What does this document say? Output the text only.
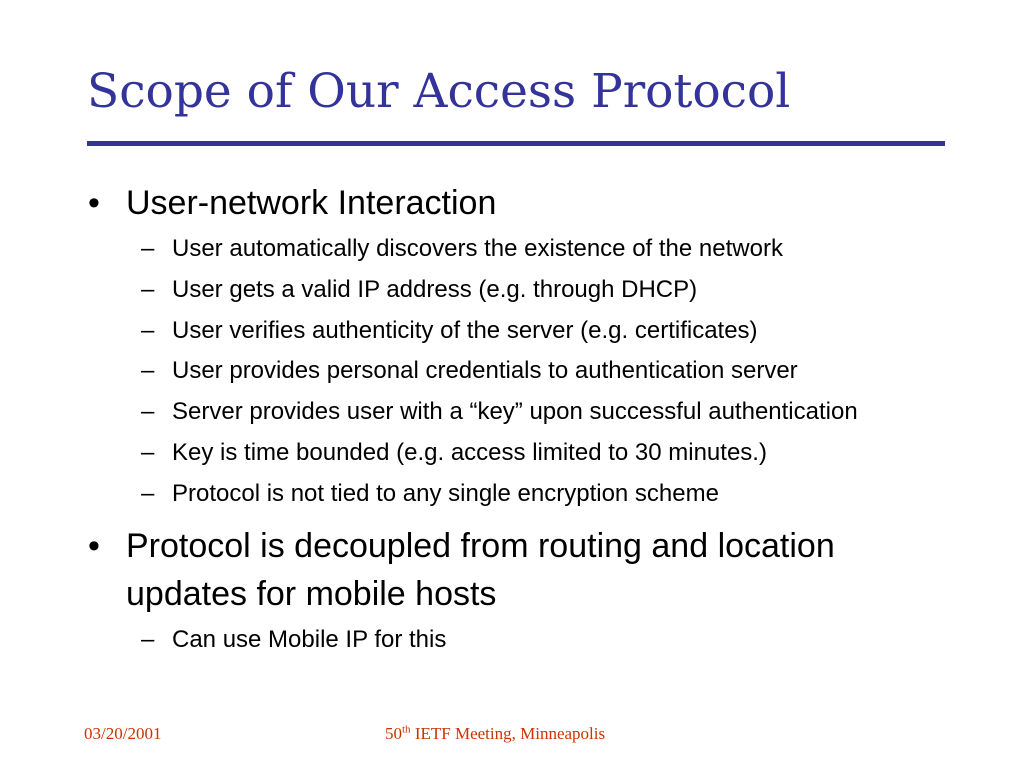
Scope of Our Access Protocol
• User-network Interaction
– User automatically discovers the existence of the network
– User gets a valid IP address (e.g. through DHCP)
– User verifies authenticity of the server (e.g. certificates)
– User provides personal credentials to authentication server
– Server provides user with a “key” upon successful authentication
– Key is time bounded (e.g. access limited to 30 minutes.)
– Protocol is not tied to any single encryption scheme
• Protocol is decoupled from routing and location
updates for mobile hosts
– Can use Mobile IP for this
03/20/2001	50th IETF Meeting, Minneapolis
